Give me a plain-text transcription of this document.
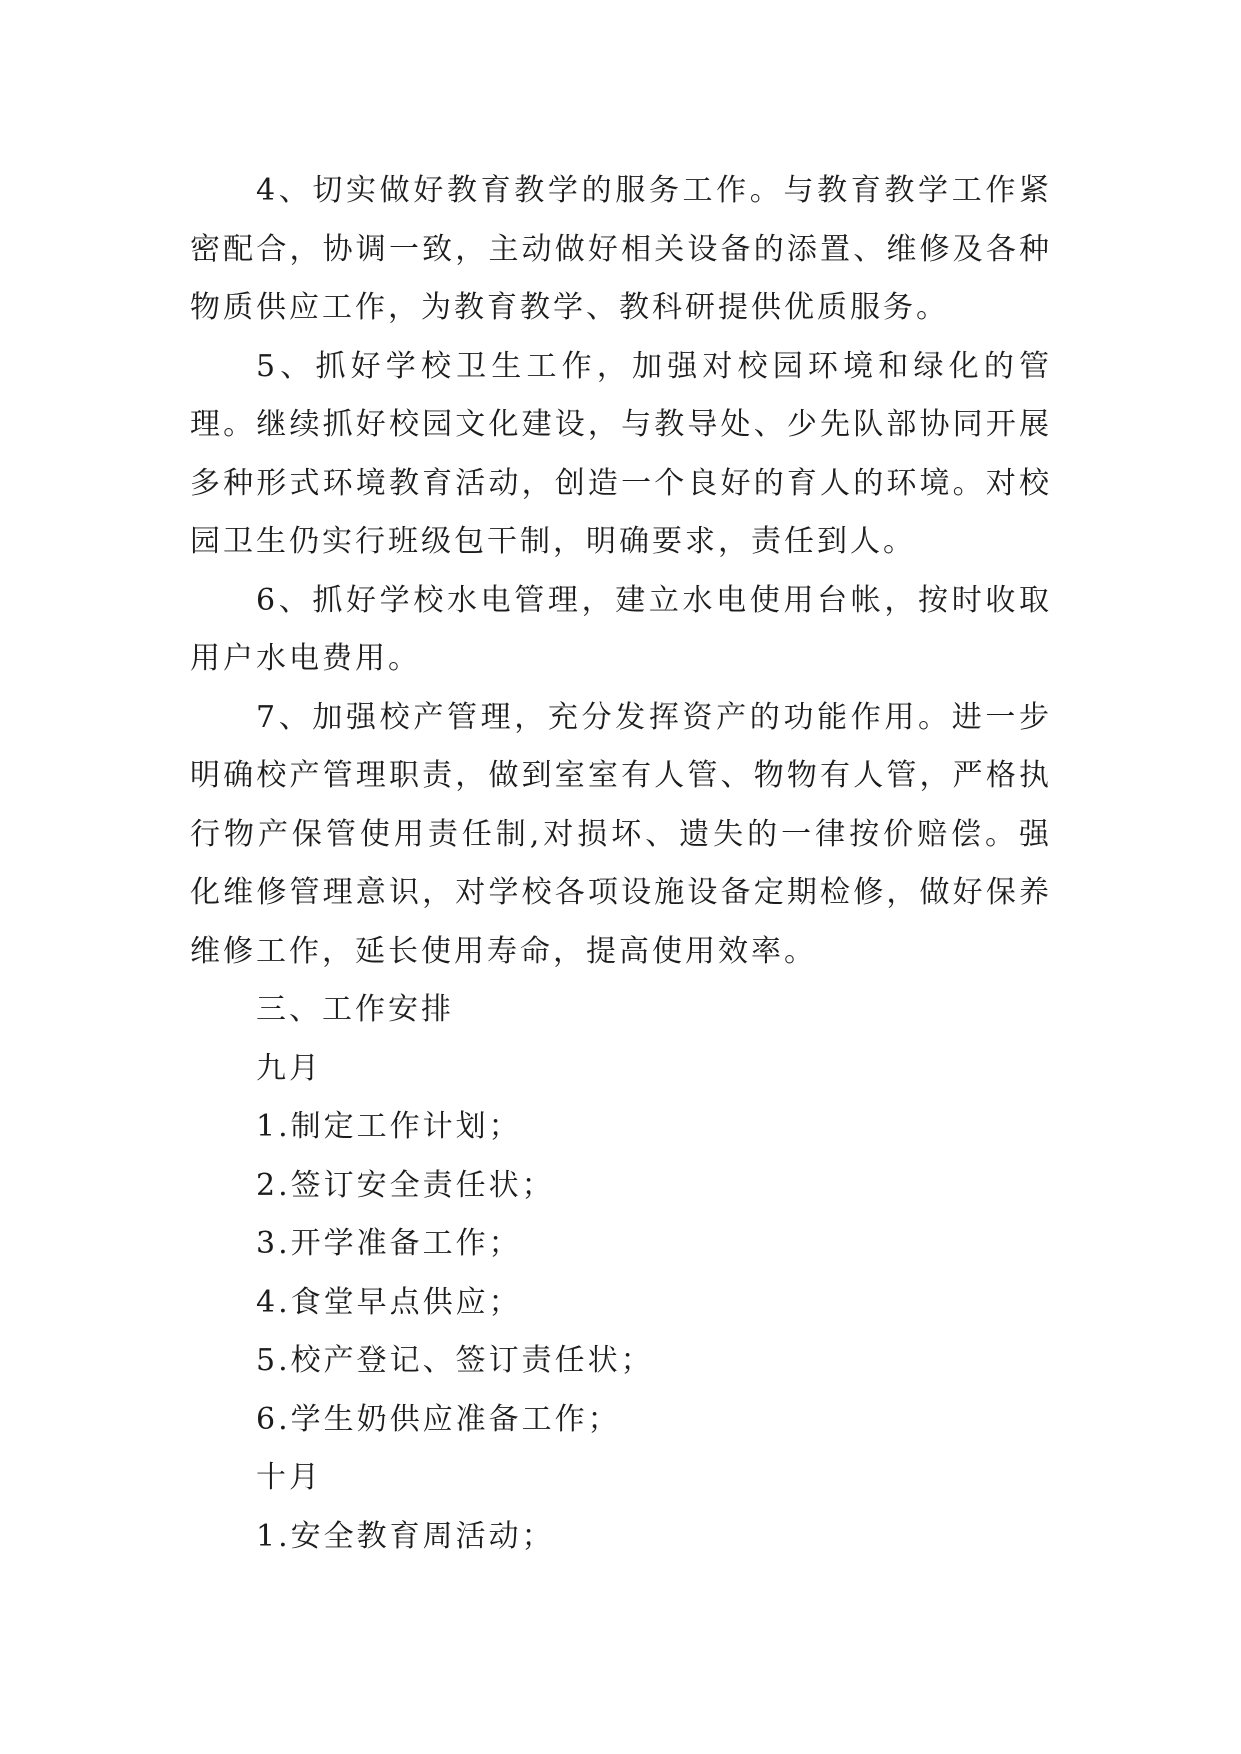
4、切实做好教育教学的服务工作。与教育教学工作紧密配合，协调一致，主动做好相关设备的添置、维修及各种物质供应工作，为教育教学、教科研提供优质服务。

5、抓好学校卫生工作，加强对校园环境和绿化的管理。继续抓好校园文化建设，与教导处、少先队部协同开展多种形式环境教育活动，创造一个良好的育人的环境。对校园卫生仍实行班级包干制，明确要求，责任到人。

6、抓好学校水电管理，建立水电使用台帐，按时收取用户水电费用。

7、加强校产管理，充分发挥资产的功能作用。进一步明确校产管理职责，做到室室有人管、物物有人管，严格执行物产保管使用责任制,对损坏、遗失的一律按价赔偿。强化维修管理意识，对学校各项设施设备定期检修，做好保养维修工作，延长使用寿命，提高使用效率。

三、工作安排

九月

1.制定工作计划；

2.签订安全责任状；

3.开学准备工作；

4.食堂早点供应；

5.校产登记、签订责任状；

6.学生奶供应准备工作；

十月

1.安全教育周活动；
